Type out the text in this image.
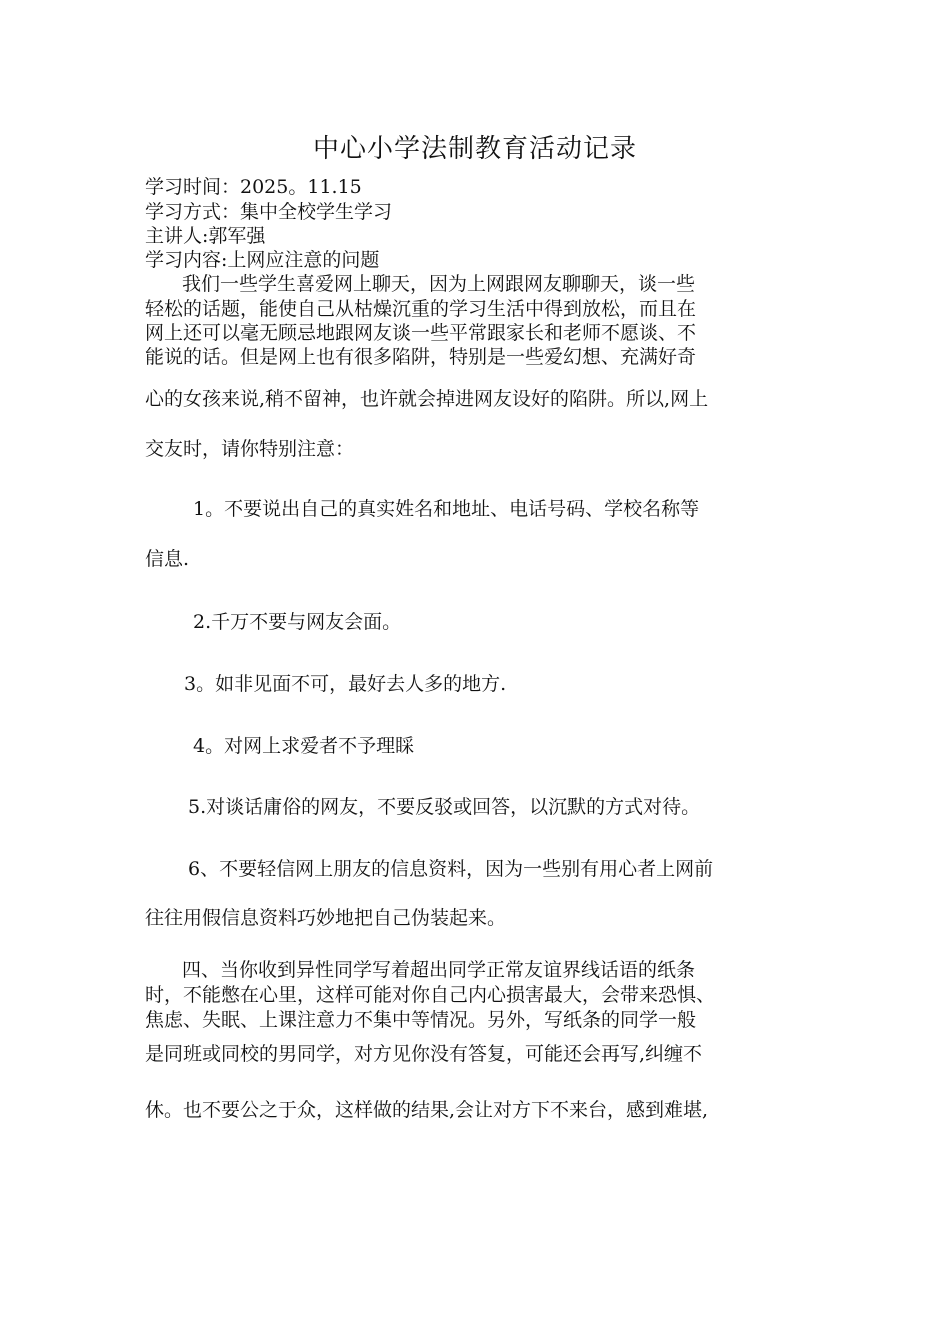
中心小学法制教育活动记录
学习时间：2025。11.15
学习方式：集中全校学生学习
主讲人:郭军强
学习内容:上网应注意的问题
我们一些学生喜爱网上聊天，因为上网跟网友聊聊天，谈一些
轻松的话题，能使自己从枯燥沉重的学习生活中得到放松，而且在
网上还可以毫无顾忌地跟网友谈一些平常跟家长和老师不愿谈、不
能说的话。但是网上也有很多陷阱，特别是一些爱幻想、充满好奇
心的女孩来说,稍不留神，也许就会掉进网友设好的陷阱。所以,网上
交友时，请你特别注意：
1。不要说出自己的真实姓名和地址、电话号码、学校名称等
信息.
2.千万不要与网友会面。
3。如非见面不可，最好去人多的地方.
4。对网上求爱者不予理睬
5.对谈话庸俗的网友，不要反驳或回答，以沉默的方式对待。
6、不要轻信网上朋友的信息资料，因为一些别有用心者上网前
往往用假信息资料巧妙地把自己伪装起来。
四、当你收到异性同学写着超出同学正常友谊界线话语的纸条
时，不能憋在心里，这样可能对你自己内心损害最大，会带来恐惧、
焦虑、失眠、上课注意力不集中等情况。另外，写纸条的同学一般
是同班或同校的男同学，对方见你没有答复，可能还会再写,纠缠不
休。也不要公之于众，这样做的结果,会让对方下不来台，感到难堪,
